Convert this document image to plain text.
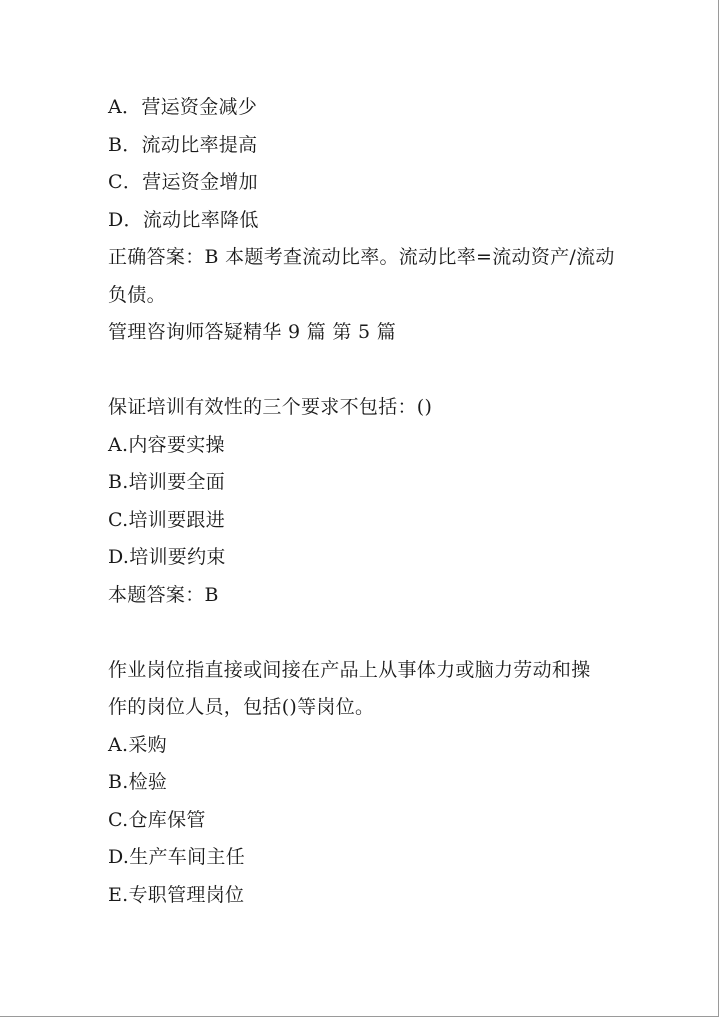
A．营运资金减少
B．流动比率提高
C．营运资金增加
D．流动比率降低
正确答案：B 本题考查流动比率。流动比率=流动资产/流动
负债。
管理咨询师答疑精华 9 篇 第 5 篇
保证培训有效性的三个要求不包括：()
A.内容要实操
B.培训要全面
C.培训要跟进
D.培训要约束
本题答案：B
作业岗位指直接或间接在产品上从事体力或脑力劳动和操
作的岗位人员，包括()等岗位。
A.采购
B.检验
C.仓库保管
D.生产车间主任
E.专职管理岗位
